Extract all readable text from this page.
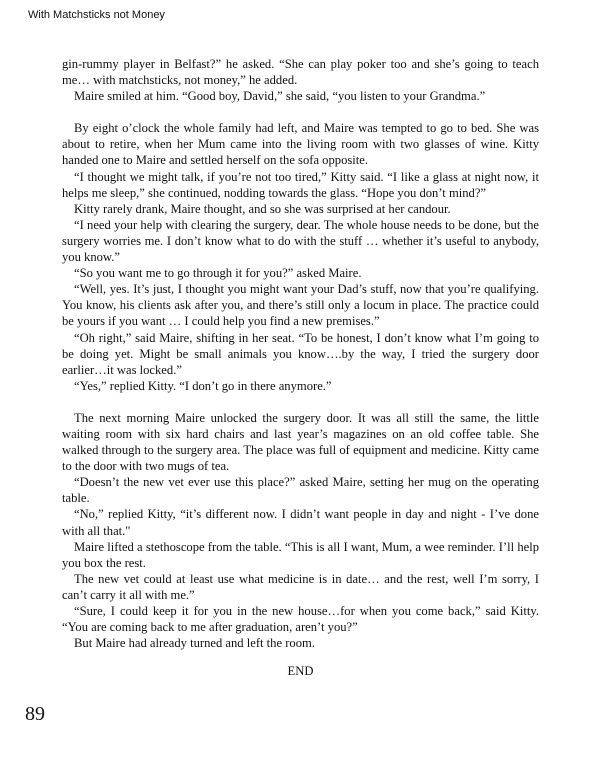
With Matchsticks not Money

gin-rummy player in Belfast?” he asked. “She can play poker too and she’s going to teach me… with matchsticks, not money,” he added.

Maire smiled at him. “Good boy, David,” she said, “you listen to your Grandma.”

By eight o’clock the whole family had left, and Maire was tempted to go to bed. She was about to retire, when her Mum came into the living room with two glasses of wine. Kitty handed one to Maire and settled herself on the sofa opposite.

“I thought we might talk, if you’re not too tired,” Kitty said. “I like a glass at night now, it helps me sleep,” she continued, nodding towards the glass. “Hope you don’t mind?”

Kitty rarely drank, Maire thought, and so she was surprised at her candour.

“I need your help with clearing the surgery, dear. The whole house needs to be done, but the surgery worries me. I don’t know what to do with the stuff … whether it’s useful to anybody, you know.”

“So you want me to go through it for you?” asked Maire.

“Well, yes. It’s just, I thought you might want your Dad’s stuff, now that you’re qualifying. You know, his clients ask after you, and there’s still only a locum in place. The practice could be yours if you want … I could help you find a new premises.”

“Oh right,” said Maire, shifting in her seat. “To be honest, I don’t know what I’m going to be doing yet. Might be small animals you know….by the way, I tried the surgery door earlier…it was locked.”

“Yes,” replied Kitty. “I don’t go in there anymore.”

The next morning Maire unlocked the surgery door. It was all still the same, the little waiting room with six hard chairs and last year’s magazines on an old coffee table. She walked through to the surgery area. The place was full of equipment and medicine. Kitty came to the door with two mugs of tea.

“Doesn’t the new vet ever use this place?” asked Maire, setting her mug on the operating table.

“No,” replied Kitty, “it’s different now. I didn’t want people in day and night - I’ve done with all that."

Maire lifted a stethoscope from the table. “This is all I want, Mum, a wee reminder. I’ll help you box the rest.

The new vet could at least use what medicine is in date… and the rest, well I’m sorry, I can’t carry it all with me.”

“Sure, I could keep it for you in the new house…for when you come back,” said Kitty. “You are coming back to me after graduation, aren’t you?”

But Maire had already turned and left the room.

END

89
